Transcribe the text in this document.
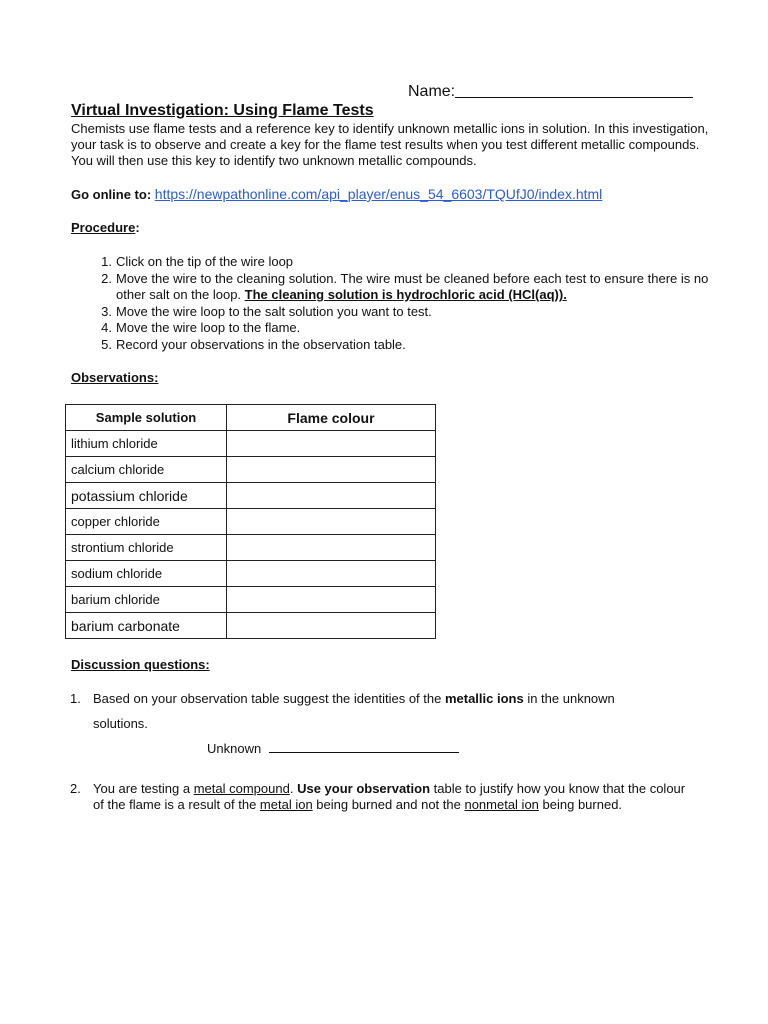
Name:
Virtual Investigation: Using Flame Tests
Chemists use flame tests and a reference key to identify unknown metallic ions in solution. In this investigation, your task is to observe and create a key for the flame test results when you test different metallic compounds. You will then use this key to identify two unknown metallic compounds.
Go online to: https://newpathonline.com/api_player/enus_54_6603/TQUfJ0/index.html
Procedure:
1. Click on the tip of the wire loop
2. Move the wire to the cleaning solution. The wire must be cleaned before each test to ensure there is no other salt on the loop. The cleaning solution is hydrochloric acid (HCl(aq)).
3. Move the wire loop to the salt solution you want to test.
4. Move the wire loop to the flame.
5. Record your observations in the observation table.
Observations:
Sample solution	Flame colour
lithium chloride	
calcium chloride	
potassium chloride	
copper chloride	
strontium chloride	
sodium chloride	
barium chloride	
barium carbonate	
Discussion questions:
1. Based on your observation table suggest the identities of the metallic ions in the unknown
solutions.
Unknown
2. You are testing a metal compound. Use your observation table to justify how you know that the colour of the flame is a result of the metal ion being burned and not the nonmetal ion being burned.
